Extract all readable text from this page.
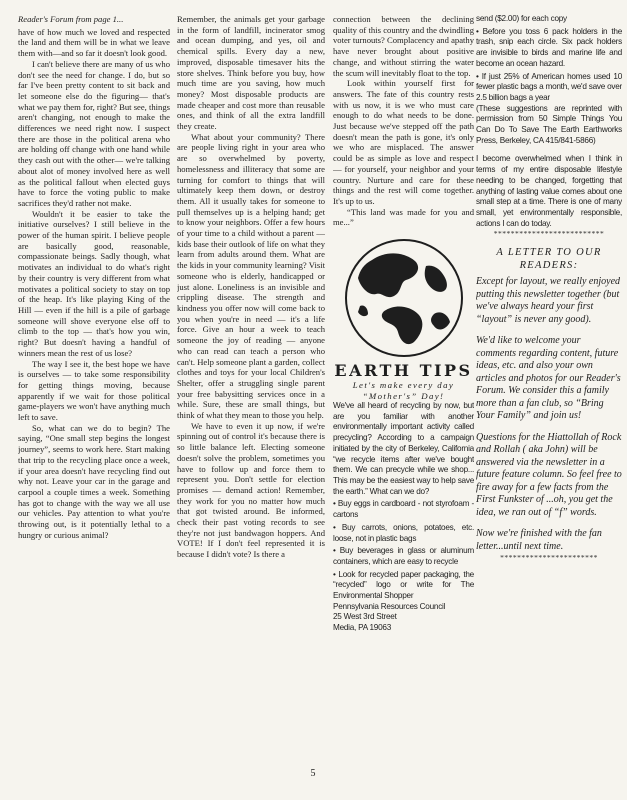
Reader's Forum from page 1...

have of how much we loved and respected the land and them will be in what we leave them with—and so far it doesn't look good.

I can't believe there are many of us who don't see the need for change. I do, but so far I've been pretty content to sit back and let someone else do the figuring— that's what we pay them for, right? But see, things aren't changing, not enough to make the differences we need right now. I suspect there are those in the political arena who are holding off change with one hand while they cash out with the other— we're talking about alot of money involved here as well as the political fallout when elected guys have to force the voting public to make sacrifices they'd rather not make.

Wouldn't it be easier to take the initiative ourselves? I still believe in the power of the human spirit. I believe people are basically good, reasonable, compassionate beings. Sadly though, what motivates an individual to do what's right by their country is very different from what motivates a political society to stay on top of the heap. It's like playing King of the Hill — even if the hill is a pile of garbage someone will shove everyone else off to climb to the top — that's how you win, right? But doesn't having a handful of winners mean the rest of us lose?

The way I see it, the best hope we have is ourselves — to take some responsibility for getting things moving, because apparently if we wait for those political game-players we won't have anything much left to save.

So, what can we do to begin? The saying, “One small step begins the longest journey”, seems to work here. Start making that trip to the recycling place once a week, if your area doesn't have recycling find out why not. Leave your car in the garage and carpool a couple times a week. Something has got to change with the way we all use our vehicles. Pay attention to what you're throwing out, is it potentially lethal to a hungry or curious animal?

Remember, the animals get your garbage in the form of landfill, incinerator smog and ocean dumping, and yes, oil and chemical spills. Every day a new, improved, disposable timesaver hits the store shelves. Think before you buy, how much time are you saving, how much money? Most disposable products are made cheaper and cost more than reusable ones, and think of all the extra landfill they create.

What about your community? There are people living right in your area who are so overwhelmed by poverty, homelessness and illiteracy that some are turning for comfort to things that will ultimately keep them down, or destroy them. All it usually takes for someone to pull themselves up is a helping hand; get to know your neighbors. Offer a few hours of your time to a child without a parent — kids base their outlook of life on what they learn from adults around them. What are the kids in your community learning? Visit someone who is elderly, handicapped or just alone. Loneliness is an invisible and crippling disease. The strength and kindness you offer now will come back to you when you're in need — it's a life force. Give an hour a week to teach someone the joy of reading — anyone who can read can teach a person who can't. Help someone plant a garden, collect clothes and toys for your local Children's Shelter, offer a struggling single parent your free babysitting services once in a while. Sure, these are small things, but think of what they mean to those you help.

We have to even it up now, if we're spinning out of control it's because there is so little balance left. Electing someone doesn't solve the problem, sometimes you have to follow up and force them to represent you. Don't settle for election promises — demand action! Remember, they work for you no matter how much that got twisted around. Be informed, check their past voting records to see they're not just bandwagon hoppers. And VOTE! If I don't feel represented it is because I didn't vote? Is there a

connection between the declining quality of this country and the dwindling voter turnouts? Complacency and apathy have never brought about positive change, and without stirring the water the scum will inevitably float to the top.

Look within yourself first for answers. The fate of this country rests with us now, it is we who must care enough to do what needs to be done. Just because we've stepped off the path doesn't mean the path is gone, it's only we who are misplaced. The answer could be as simple as love and respect — for yourself, your neighbor and your country. Nurture and care for these things and the rest will come together. It's up to us.

“This land was made for you and me...”

EARTH TIPS

Let's make every day “Mother's” Day!

We've all heard of recycling by now, but are you familiar with another environmentally important activity called precycling? According to a campaign initiated by the city of Berkeley, California “we recycle items after we've bought them. We can precycle while we shop... This may be the easiest way to help save the earth.” What can we do?

• Buy eggs in cardboard - not styrofoam - cartons

• Buy carrots, onions, potatoes, etc. loose, not in plastic bags

• Buy beverages in glass or aluminum containers, which are easy to recycle

• Look for recycled paper packaging, the “recycled” logo or write for The Environmental Shopper

Pennsylvania Resources Council

25 West 3rd Street

Media, PA 19063

send ($2.00) for each copy

• Before you toss 6 pack holders in the trash, snip each circle. Six pack holders are invisible to birds and marine life and become an ocean hazard.

• If just 25% of American homes used 10 fewer plastic bags a month, we'd save over 2.5 billion bags a year

(These suggestions are reprinted with permission from 50 Simple Things You Can Do To Save The Earth Earthworks Press, Berkeley, CA 415/841-5866)

I become overwhelmed when I think in terms of my entire disposable lifestyle needing to be changed, forgetting that anything of lasting value comes about one small step at a time. There is one of many small, yet environmentally responsible, actions I can do today.

**************************

A LETTER TO OUR READERS:

Except for layout, we really enjoyed putting this newsletter together (but we've always heard your first “layout” is never any good).

We'd like to welcome your comments regarding content, future ideas, etc. and also your own articles and photos for our Reader's Forum. We consider this a family more than a fan club, so “Bring Your Family” and join us!

Questions for the Hiattollah of Rock and Rollah ( aka John) will be answered via the newsletter in a future feature column. So feel free to fire away for a few facts from the First Funkster of ...oh, you get the idea, we ran out of “f” words.

Now we're finished with the fan letter...until next time.

***********************

5
